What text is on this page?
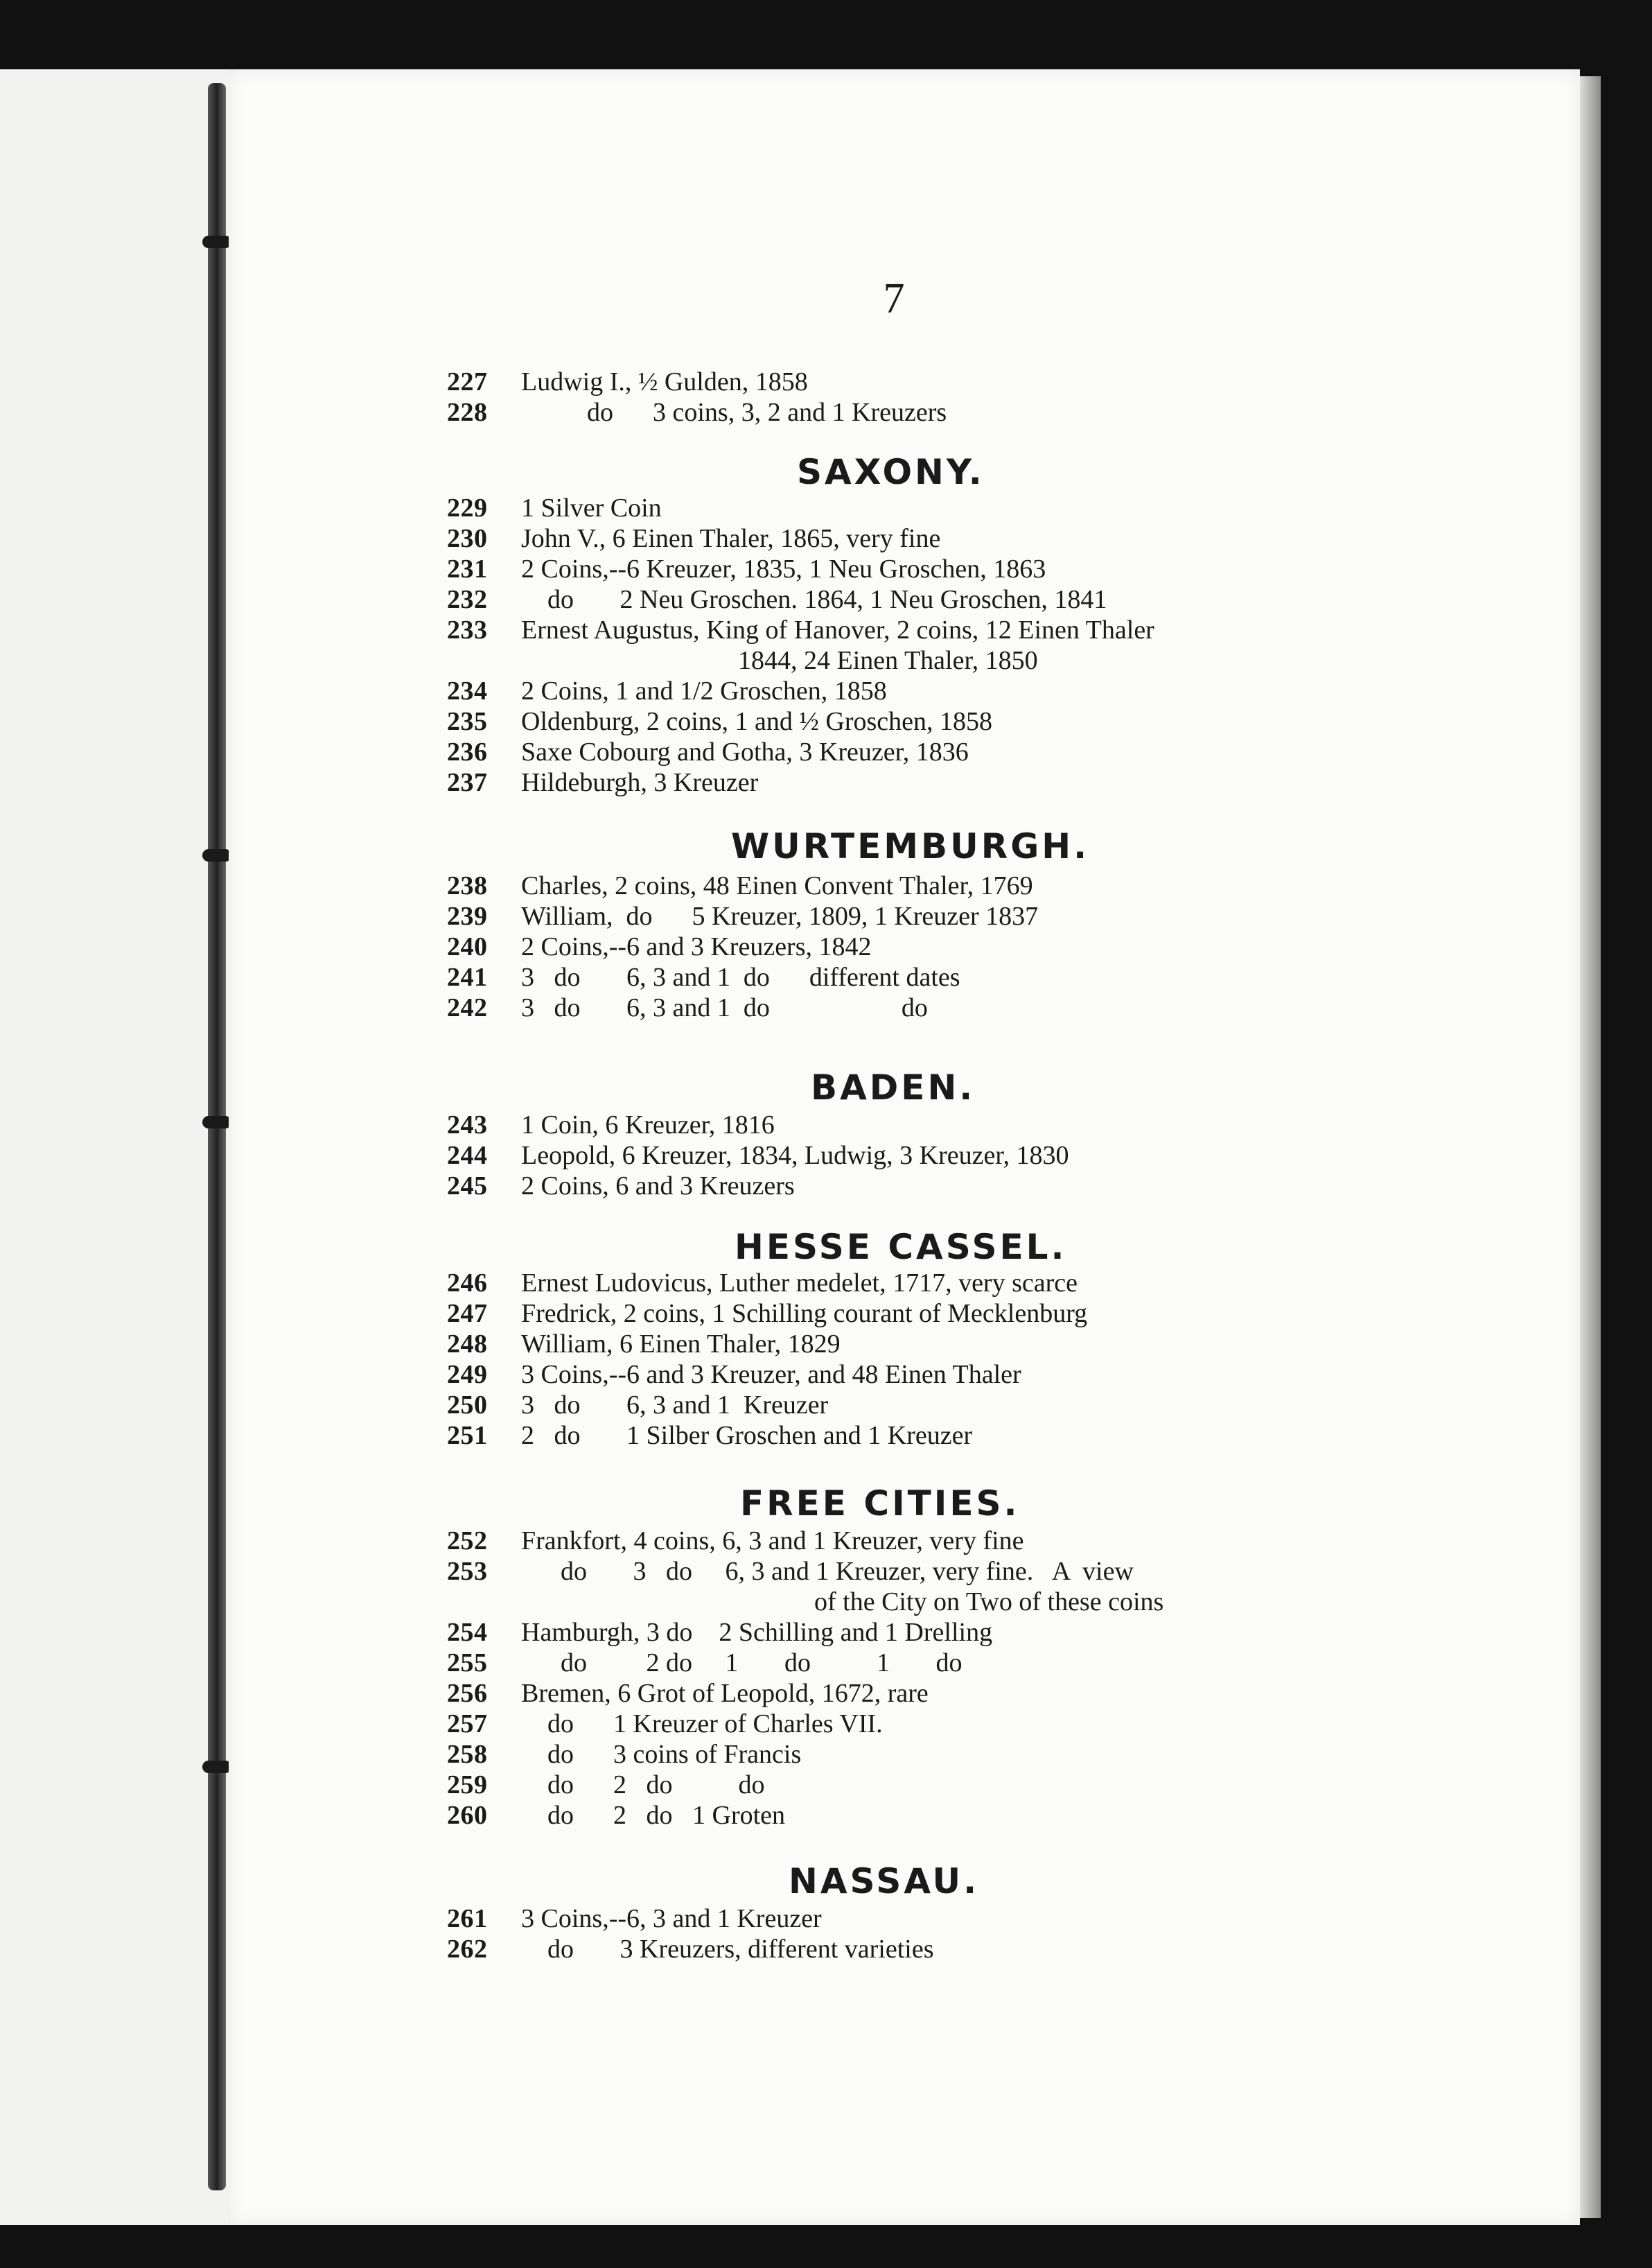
7
227	Ludwig I., ½ Gulden, 1858
228	do      3 coins, 3, 2 and 1 Kreuzers
SAXONY.
229	1 Silver Coin
230	John V., 6 Einen Thaler, 1865, very fine
231	2 Coins,--6 Kreuzer, 1835, 1 Neu Groschen, 1863
232	do       2 Neu Groschen. 1864, 1 Neu Groschen, 1841
233	Ernest Augustus, King of Hanover, 2 coins, 12 Einen Thaler
1844, 24 Einen Thaler, 1850
234	2 Coins, 1 and 1/2 Groschen, 1858
235	Oldenburg, 2 coins, 1 and ½ Groschen, 1858
236	Saxe Cobourg and Gotha, 3 Kreuzer, 1836
237	Hildeburgh, 3 Kreuzer
WURTEMBURGH.
238	Charles, 2 coins, 48 Einen Convent Thaler, 1769
239	William,  do      5 Kreuzer, 1809, 1 Kreuzer 1837
240	2 Coins,--6 and 3 Kreuzers, 1842
241	3   do       6, 3 and 1  do      different dates
242	3   do       6, 3 and 1  do                    do
BADEN.
243	1 Coin, 6 Kreuzer, 1816
244	Leopold, 6 Kreuzer, 1834, Ludwig, 3 Kreuzer, 1830
245	2 Coins, 6 and 3 Kreuzers
HESSE CASSEL.
246	Ernest Ludovicus, Luther medelet, 1717, very scarce
247	Fredrick, 2 coins, 1 Schilling courant of Mecklenburg
248	William, 6 Einen Thaler, 1829
249	3 Coins,--6 and 3 Kreuzer, and 48 Einen Thaler
250	3   do       6, 3 and 1  Kreuzer
251	2   do       1 Silber Groschen and 1 Kreuzer
FREE CITIES.
252	Frankfort, 4 coins, 6, 3 and 1 Kreuzer, very fine
253	do       3   do     6, 3 and 1 Kreuzer, very fine.   A  view
of the City on Two of these coins
254	Hamburgh, 3 do    2 Schilling and 1 Drelling
255	do         2 do     1       do          1       do
256	Bremen, 6 Grot of Leopold, 1672, rare
257	do      1 Kreuzer of Charles VII.
258	do      3 coins of Francis
259	do      2   do          do
260	do      2   do   1 Groten
NASSAU.
261	3 Coins,--6, 3 and 1 Kreuzer
262	do       3 Kreuzers, different varieties
